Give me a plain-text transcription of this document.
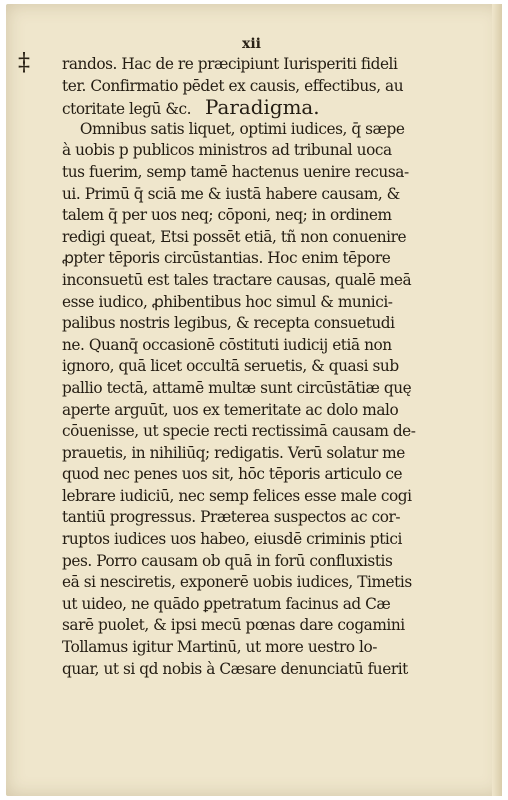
‡
xii
randos. Hac de re præcipiunt Iurisperiti fideli
ter. Confirmatio pēdet ex causis, effectibus, au
ctoritate legū &c. Paradigma.
Omnibus satis liquet, optimi iudices, q̄ sæpe
à uobis p publicos ministros ad tribunal uoca
tus fuerim, semp tamē hactenus uenire recusa-
ui. Primū q̄ sciā me & iustā habere causam, &
talem q̄ per uos neq; cōponi, neq; in ordinem
redigi queat, Etsi possēt etiā, tñ non conuenire
ꝓpter tēporis circūstantias. Hoc enim tēpore
inconsuetū est tales tractare causas, qualē meā
esse iudico, ꝓhibentibus hoc simul & munici-
palibus nostris legibus, & recepta consuetudi
ne. Quanq̄ occasionē cōstituti iudicij etiā non
ignoro, quā licet occultā seruetis, & quasi sub
pallio tectā, attamē multæ sunt circūstātiæ quę
aperte arguūt, uos ex temeritate ac dolo malo
cōuenisse, ut specie recti rectissimā causam de-
prauetis, in nihiliūq; redigatis. Verū solatur me
quod nec penes uos sit, hōc tēporis articulo ce
lebrare iudiciū, nec semp felices esse male cogi
tantiū progressus. Præterea suspectos ac cor-
ruptos iudices uos habeo, eiusdē criminis ptici
pes. Porro causam ob quā in forū confluxistis
eā si nesciretis, exponerē uobis iudices, Timetis
ut uideo, ne quādo ꝑpetratum facinus ad Cæ
sarē puolet, & ipsi mecū pœnas dare cogamini
Tollamus igitur Martinū, ut more uestro lo-
quar, ut si qd nobis à Cæsare denunciatū fuerit
